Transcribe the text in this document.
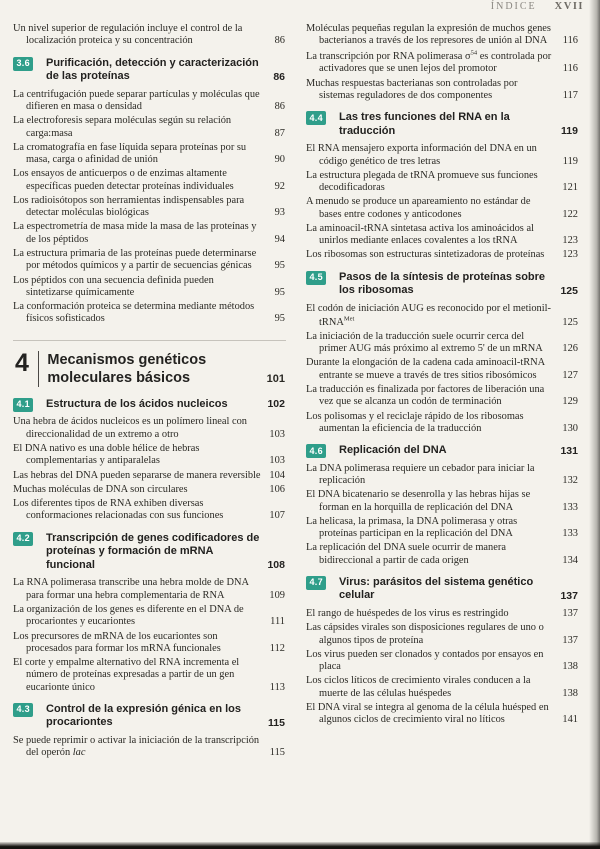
ÍNDICE XVII
Un nivel superior de regulación incluye el control de la localización proteica y su concentración	86
3.6	Purificación, detección y caracterización de las proteínas	86
La centrifugación puede separar partículas y moléculas que difieren en masa o densidad	86
La electroforesis separa moléculas según su relación carga:masa	87
La cromatografía en fase líquida separa proteínas por su masa, carga o afinidad de unión	90
Los ensayos de anticuerpos o de enzimas altamente específicas pueden detectar proteínas individuales	92
Los radioisótopos son herramientas indispensables para detectar moléculas biológicas	93
La espectrometría de masa mide la masa de las proteínas y de los péptidos	94
La estructura primaria de las proteínas puede determinarse por métodos químicos y a partir de secuencias génicas 95
Los péptidos con una secuencia definida pueden sintetizarse químicamente	95
La conformación proteica se determina mediante métodos físicos sofisticados	95
4 Mecanismos genéticos moleculares básicos	101
4.1	Estructura de los ácidos nucleicos	102
Una hebra de ácidos nucleicos es un polímero lineal con direccionalidad de un extremo a otro	103
El DNA nativo es una doble hélice de hebras complementarias y antiparalelas	103
Las hebras del DNA pueden separarse de manera reversible 104
Muchas moléculas de DNA son circulares	106
Los diferentes tipos de RNA exhiben diversas conformaciones relacionadas con sus funciones	107
4.2	Transcripción de genes codificadores de proteínas y formación de mRNA funcional	108
La RNA polimerasa transcribe una hebra molde de DNA para formar una hebra complementaria de RNA	109
La organización de los genes es diferente en el DNA de procariontes y eucariontes	111
Los precursores de mRNA de los eucariontes son procesados para formar los mRNA funcionales	112
El corte y empalme alternativo del RNA incrementa el número de proteínas expresadas a partir de un gen eucarionte único	113
4.3	Control de la expresión génica en los procariontes	115
Se puede reprimir o activar la iniciación de la transcripción del operón lac	115
Moléculas pequeñas regulan la expresión de muchos genes bacterianos a través de los represores de unión al DNA 116
La transcripción por RNA polimerasa $\sigma^{54}$ es controlada por activadores que se unen lejos del promotor	116
Muchas respuestas bacterianas son controladas por sistemas reguladores de dos componentes	117
4.4	Las tres funciones del RNA en la traducción	119
El RNA mensajero exporta información del DNA en un código genético de tres letras	119
La estructura plegada de tRNA promueve sus funciones decodificadoras	121
A menudo se produce un apareamiento no estándar de bases entre codones y anticodones	122
La aminoacil-tRNA sintetasa activa los aminoácidos al unirlos mediante enlaces covalentes a los tRNA	123
Los ribosomas son estructuras sintetizadoras de proteínas 123
4.5	Pasos de la síntesis de proteínas sobre los ribosomas	125
El codón de iniciación AUG es reconocido por el metionil-tRNA$^{Met}$	125
La iniciación de la traducción suele ocurrir cerca del primer AUG más próximo al extremo 5' de un mRNA 126
Durante la elongación de la cadena cada aminoacil-tRNA entrante se mueve a través de tres sitios ribosómicos 127
La traducción es finalizada por factores de liberación una vez que se alcanza un codón de terminación	129
Los polisomas y el reciclaje rápido de los ribosomas aumentan la eficiencia de la traducción	130
4.6	Replicación del DNA	131
La DNA polimerasa requiere un cebador para iniciar la replicación	132
El DNA bicatenario se desenrolla y las hebras hijas se forman en la horquilla de replicación del DNA	133
La helicasa, la primasa, la DNA polimerasa y otras proteínas participan en la replicación del DNA	133
La replicación del DNA suele ocurrir de manera bidireccional a partir de cada origen	134
4.7	Virus: parásitos del sistema genético celular	137
El rango de huéspedes de los virus es restringido	137
Las cápsides virales son disposiciones regulares de uno o algunos tipos de proteína	137
Los virus pueden ser clonados y contados por ensayos en placa	138
Los ciclos líticos de crecimiento virales conducen a la muerte de las células huéspedes	138
El DNA viral se integra al genoma de la célula huésped en algunos ciclos de crecimiento viral no líticos	141
